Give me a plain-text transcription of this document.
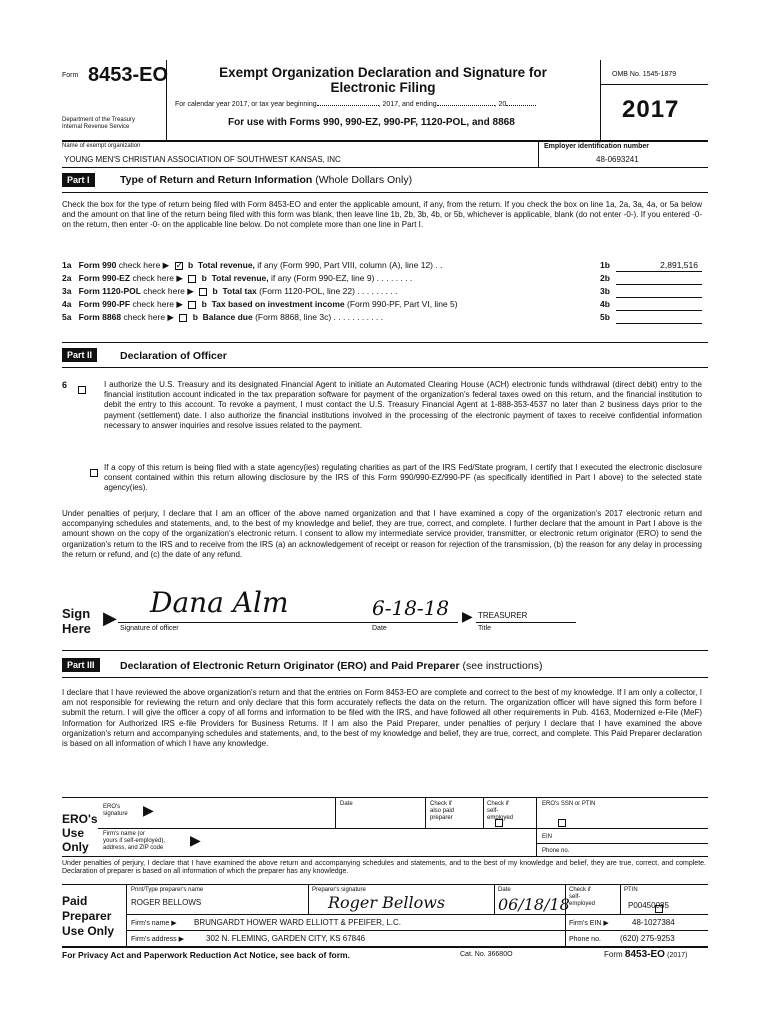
Form 8453-EO
Department of the Treasury
Internal Revenue Service
Exempt Organization Declaration and Signature for
Electronic Filing
For calendar year 2017, or tax year beginning	, 2017, and ending	, 20
For use with Forms 990, 990-EZ, 990-PF, 1120-POL, and 8868
OMB No. 1545-1879
2017
Name of exempt organization
YOUNG MEN'S CHRISTIAN ASSOCIATION OF SOUTHWEST KANSAS, INC
Employer identification number
48-0693241
Part I	Type of Return and Return Information (Whole Dollars Only)
Check the box for the type of return being filed with Form 8453-EO and enter the applicable amount, if any, from the return. If you check the box on line 1a, 2a, 3a, 4a, or 5a below and the amount on that line of the return being filed with this form was blank, then leave line 1b, 2b, 3b, 4b, or 5b, whichever is applicable, blank (do not enter -0-). If you entered -0- on the return, then enter -0- on the applicable line below. Do not complete more than one line in Part I.
1a Form 990 check here ▶ ✓ b Total revenue, if any (Form 990, Part VIII, column (A), line 12) . .
2a Form 990-EZ check here ▶ b Total revenue, if any (Form 990-EZ, line 9) . . . . . . . .
3a Form 1120-POL check here ▶ b Total tax (Form 1120-POL, line 22) . . . . . . . . .
4a Form 990-PF check here ▶ b Tax based on investment income (Form 990-PF, Part VI, line 5)
5a Form 8868 check here ▶ b Balance due (Form 8868, line 3c) . . . . . . . . . . .
1b	2,891,516
2b
3b
4b
5b
Part II	Declaration of Officer
6
	I authorize the U.S. Treasury and its designated Financial Agent to initiate an Automated Clearing House (ACH) electronic funds withdrawal (direct debit) entry to the financial institution account indicated in the tax preparation software for payment of the organization's federal taxes owed on this return, and the financial institution to debit the entry to this account. To revoke a payment, I must contact the U.S. Treasury Financial Agent at 1-888-353-4537 no later than 2 business days prior to the payment (settlement) date. I also authorize the financial institutions involved in the processing of the electronic payment of taxes to receive confidential information necessary to answer inquiries and resolve issues related to the payment.

If a copy of this return is being filed with a state agency(ies) regulating charities as part of the IRS Fed/State program, I certify that I executed the electronic disclosure consent contained within this return allowing disclosure by the IRS of this Form 990/990-EZ/990-PF (as specifically identified in Part I above) to the selected state agency(ies).
Under penalties of perjury, I declare that I am an officer of the above named organization and that I have examined a copy of the organization's 2017 electronic return and accompanying schedules and statements, and, to the best of my knowledge and belief, they are true, correct, and complete. I further declare that the amount in Part I above is the amount shown on the copy of the organization's electronic return. I consent to allow my intermediate service provider, transmitter, or electronic return originator (ERO) to send the organization's return to the IRS and to receive from the IRS (a) an acknowledgement of receipt or reason for rejection of the transmission, (b) the reason for any delay in processing the return or refund, and (c) the date of any refund.
Sign
Here
▶ Dana Alm
Signature of officer
6-18-18
Date
▶ TREASURER
Title
Part III	Declaration of Electronic Return Originator (ERO) and Paid Preparer (see instructions)
I declare that I have reviewed the above organization's return and that the entries on Form 8453-EO are complete and correct to the best of my knowledge. If I am only a collector, I am not responsible for reviewing the return and only declare that this form accurately reflects the data on the return. The organization officer will have signed this form before I submit the return. I will give the officer a copy of all forms and information to be filed with the IRS, and have followed all other requirements in Pub. 4163, Modernized e-File (MeF) Information for Authorized IRS e-file Providers for Business Returns. If I am also the Paid Preparer, under penalties of perjury I declare that I have examined the above organization's return and accompanying schedules and statements, and, to the best of my knowledge and belief, they are true, correct, and complete. This Paid Preparer declaration is based on all information of which I have any knowledge.
ERO's
Use
Only
ERO's
signature ▶	Date	Check if
also paid
preparer

Check if
self-
employed

ERO's SSN or PTIN
Firm's name (or
yours if self-employed),
address, and ZIP code ▶	EIN
Phone no.
Under penalties of perjury, I declare that I have examined the above return and accompanying schedules and statements, and to the best of my knowledge and belief, they are true, correct, and complete. Declaration of preparer is based on all information of which the preparer has any knowledge.
Paid
Preparer
Use Only
Print/Type preparer's name
ROGER BELLOWS
Preparer's signature
Roger Bellows
Date
06/18/18
Check if
self-
employed
PTIN
P00450085
Firm's name ▶ BRUNGARDT HOWER WARD ELLIOTT & PFEIFER, L.C.	Firm's EIN ▶	48-1027384
Firm's address ▶	302 N. FLEMING, GARDEN CITY, KS 67846	Phone no. (620) 275-9253
For Privacy Act and Paperwork Reduction Act Notice, see back of form.	Cat. No. 36680O	Form 8453-EO (2017)
